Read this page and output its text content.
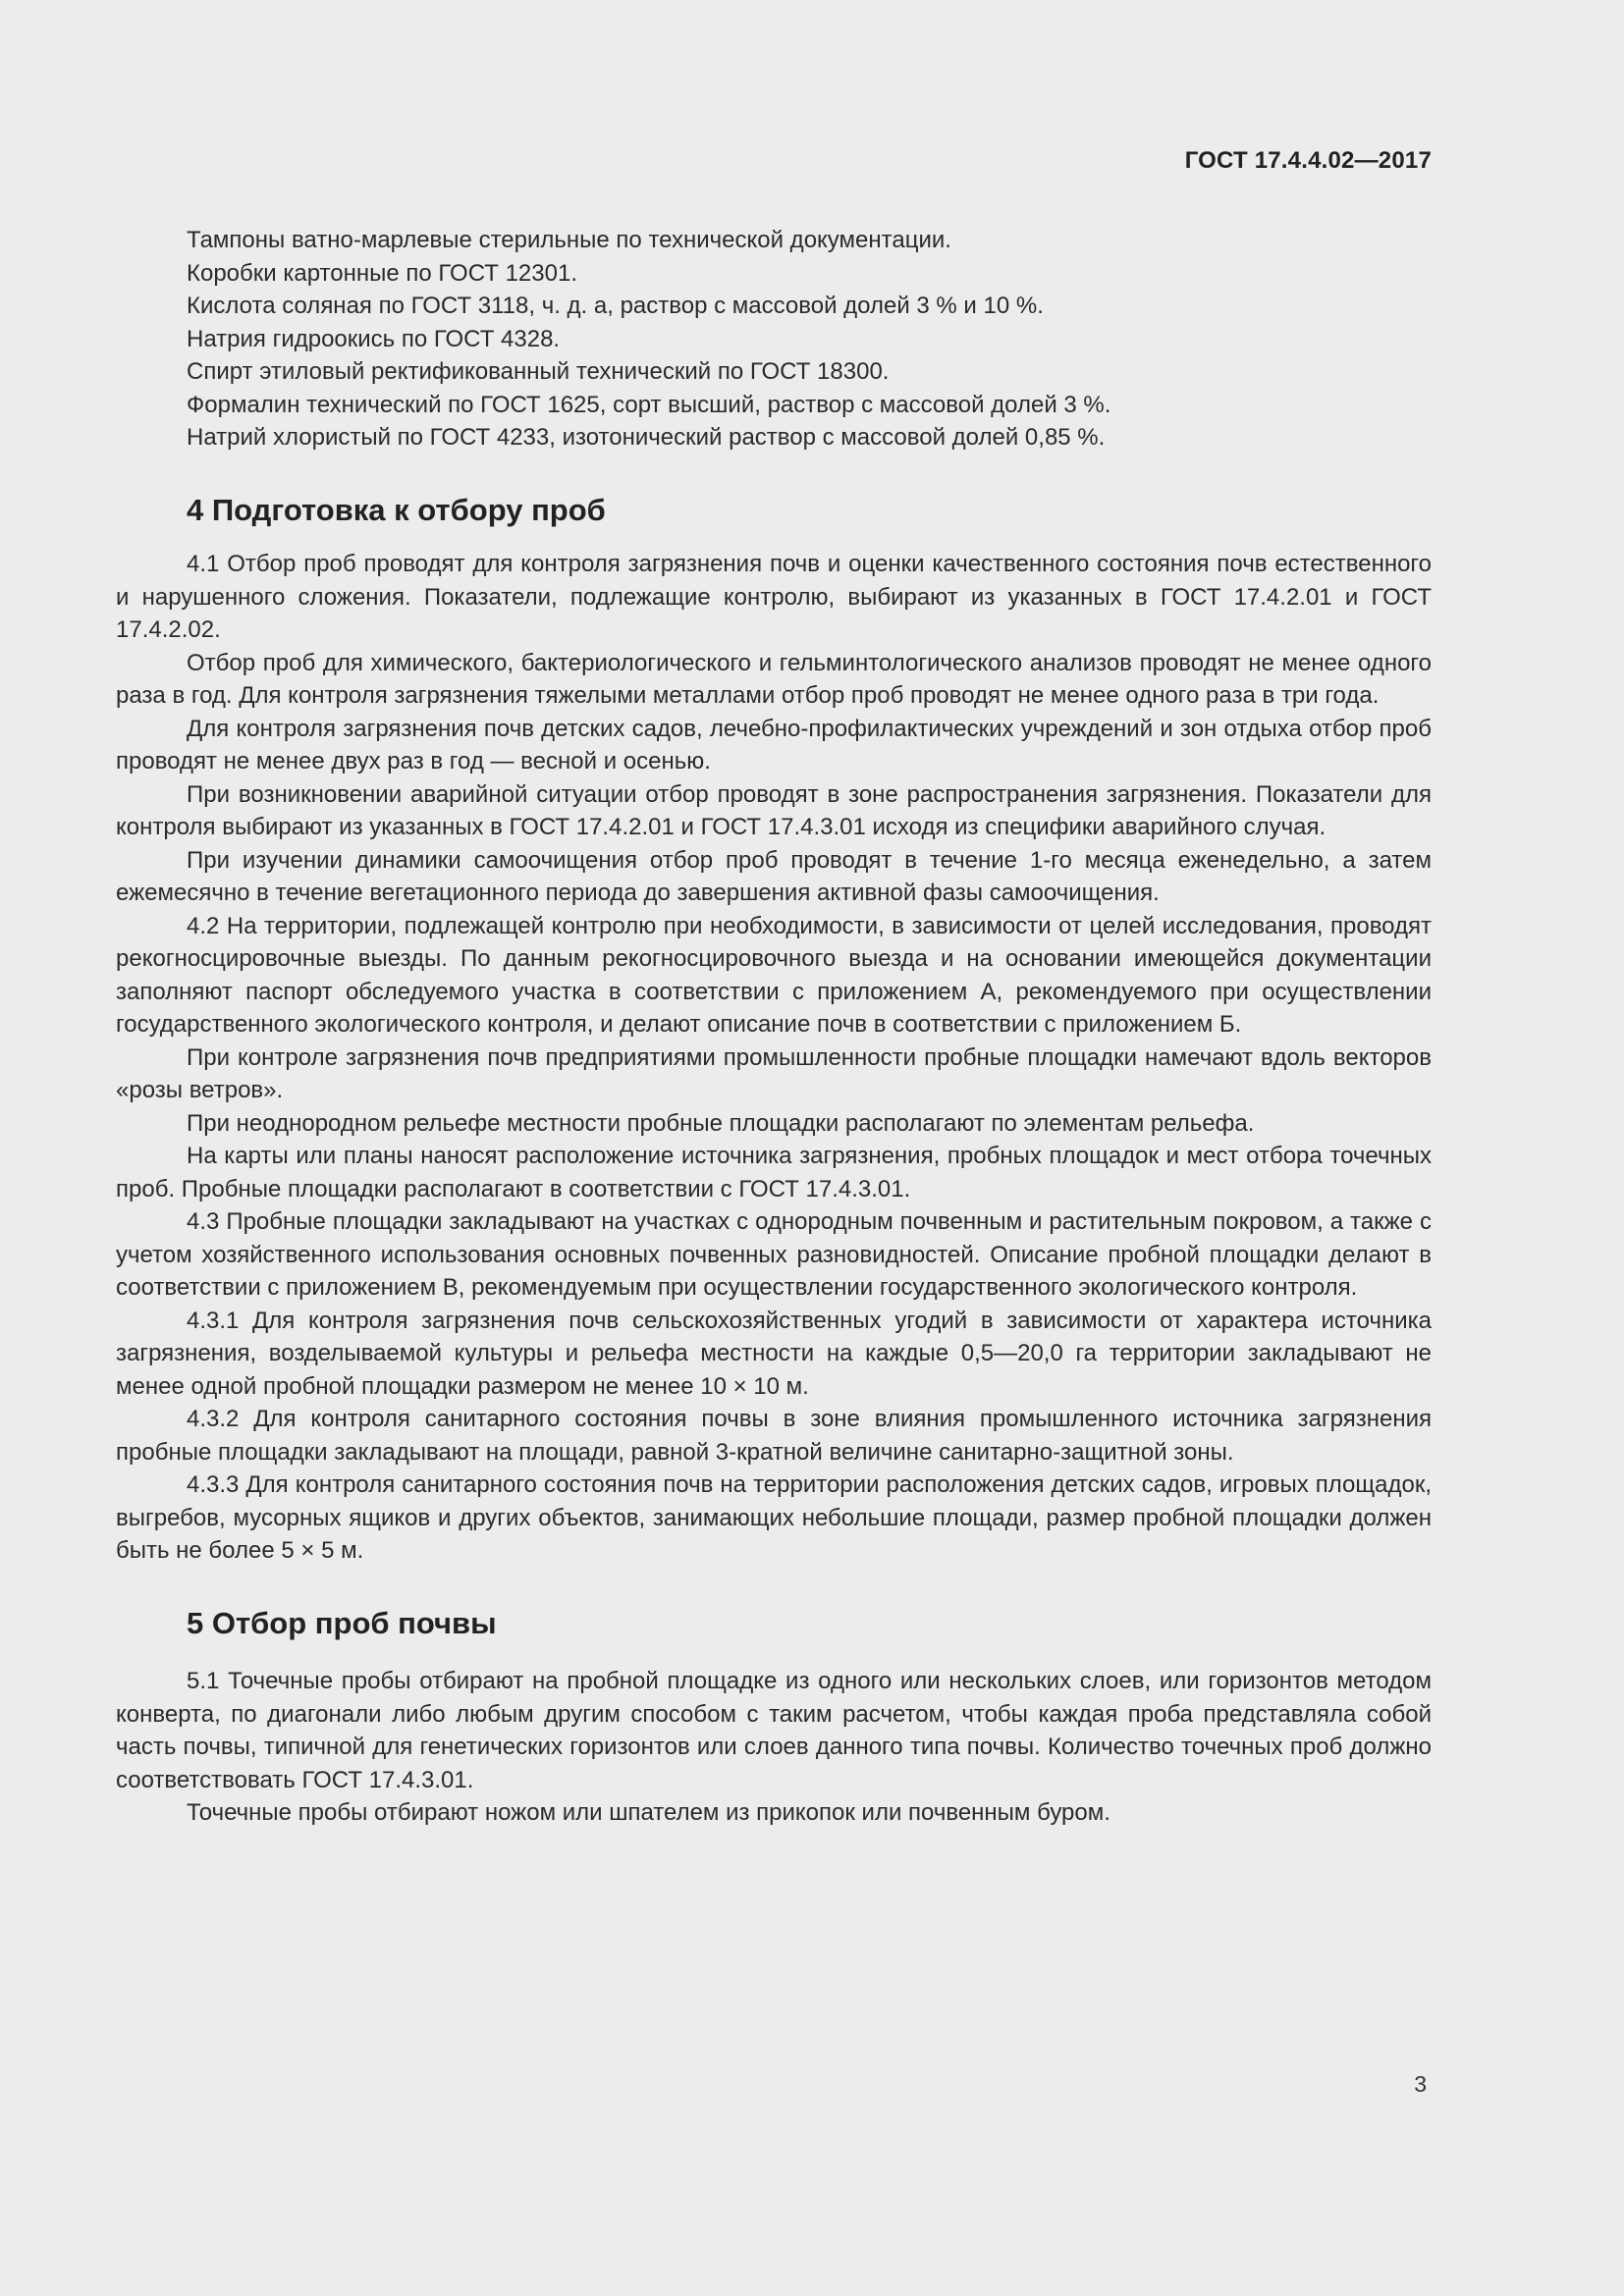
ГОСТ 17.4.4.02—2017

Тампоны ватно-марлевые стерильные по технической документации.

Коробки картонные по ГОСТ 12301.

Кислота соляная по ГОСТ 3118, ч. д. а, раствор с массовой долей 3 % и 10 %.

Натрия гидроокись по ГОСТ 4328.

Спирт этиловый ректификованный технический по ГОСТ 18300.

Формалин технический по ГОСТ 1625, сорт высший, раствор с массовой долей 3 %.

Натрий хлористый по ГОСТ 4233, изотонический раствор с массовой долей 0,85 %.

4 Подготовка к отбору проб

4.1 Отбор проб проводят для контроля загрязнения почв и оценки качественного состояния почв естественного и нарушенного сложения. Показатели, подлежащие контролю, выбирают из указанных в ГОСТ 17.4.2.01 и ГОСТ 17.4.2.02.

Отбор проб для химического, бактериологического и гельминтологического анализов проводят не менее одного раза в год. Для контроля загрязнения тяжелыми металлами отбор проб проводят не менее одного раза в три года.

Для контроля загрязнения почв детских садов, лечебно-профилактических учреждений и зон отдыха отбор проб проводят не менее двух раз в год — весной и осенью.

При возникновении аварийной ситуации отбор проводят в зоне распространения загрязнения. Показатели для контроля выбирают из указанных в ГОСТ 17.4.2.01 и ГОСТ 17.4.3.01 исходя из специфики аварийного случая.

При изучении динамики самоочищения отбор проб проводят в течение 1-го месяца еженедельно, а затем ежемесячно в течение вегетационного периода до завершения активной фазы самоочищения.

4.2 На территории, подлежащей контролю при необходимости, в зависимости от целей исследования, проводят рекогносцировочные выезды. По данным рекогносцировочного выезда и на основании имеющейся документации заполняют паспорт обследуемого участка в соответствии с приложением А, рекомендуемого при осуществлении государственного экологического контроля, и делают описание почв в соответствии с приложением Б.

При контроле загрязнения почв предприятиями промышленности пробные площадки намечают вдоль векторов «розы ветров».

При неоднородном рельефе местности пробные площадки располагают по элементам рельефа.

На карты или планы наносят расположение источника загрязнения, пробных площадок и мест отбора точечных проб. Пробные площадки располагают в соответствии с ГОСТ 17.4.3.01.

4.3 Пробные площадки закладывают на участках с однородным почвенным и растительным покровом, а также с учетом хозяйственного использования основных почвенных разновидностей. Описание пробной площадки делают в соответствии с приложением В, рекомендуемым при осуществлении государственного экологического контроля.

4.3.1 Для контроля загрязнения почв сельскохозяйственных угодий в зависимости от характера источника загрязнения, возделываемой культуры и рельефа местности на каждые 0,5—20,0 га территории закладывают не менее одной пробной площадки размером не менее 10 × 10 м.

4.3.2 Для контроля санитарного состояния почвы в зоне влияния промышленного источника загрязнения пробные площадки закладывают на площади, равной 3-кратной величине санитарно-защитной зоны.

4.3.3 Для контроля санитарного состояния почв на территории расположения детских садов, игровых площадок, выгребов, мусорных ящиков и других объектов, занимающих небольшие площади, размер пробной площадки должен быть не более 5 × 5 м.

5 Отбор проб почвы

5.1 Точечные пробы отбирают на пробной площадке из одного или нескольких слоев, или горизонтов методом конверта, по диагонали либо любым другим способом с таким расчетом, чтобы каждая проба представляла собой часть почвы, типичной для генетических горизонтов или слоев данного типа почвы. Количество точечных проб должно соответствовать ГОСТ 17.4.3.01.

Точечные пробы отбирают ножом или шпателем из прикопок или почвенным буром.

3
